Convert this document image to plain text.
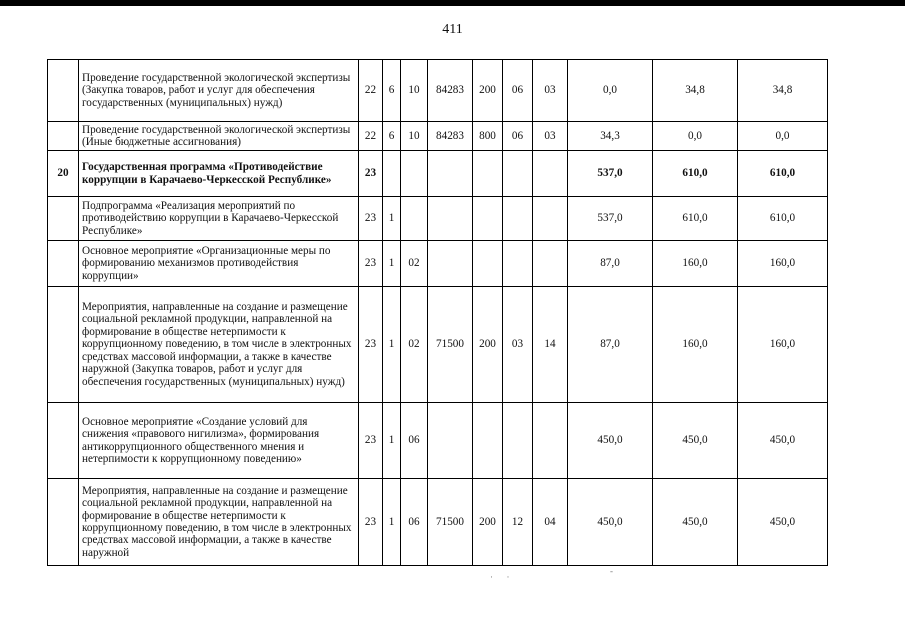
411
	Проведение государственной экологической экспертизы (Закупка товаров, работ и услуг для обеспечения государственных (муниципальных) нужд)	22	6	10	84283	200	06	03	0,0	34,8	34,8
	Проведение государственной экологической экспертизы (Иные бюджетные ассигнования)	22	6	10	84283	800	06	03	34,3	0,0	0,0
20	Государственная программа «Противодействие коррупции в Карачаево-Черкесской Республике»	23							537,0	610,0	610,0
	Подпрограмма «Реализация мероприятий по противодействию коррупции в Карачаево-Черкесской Республике»	23	1						537,0	610,0	610,0
	Основное мероприятие «Организационные меры по формированию механизмов противодействия коррупции»	23	1	02					87,0	160,0	160,0
	Мероприятия, направленные на создание и размещение социальной рекламной продукции, направленной на формирование в обществе нетерпимости к коррупционному поведению, в том числе в электронных средствах массовой информации, а также в качестве наружной (Закупка товаров, работ и услуг для обеспечения государственных (муниципальных) нужд)	23	1	02	71500	200	03	14	87,0	160,0	160,0
	Основное мероприятие «Создание условий для снижения «правового нигилизма», формирования антикоррупционного общественного мнения и нетерпимости к коррупционному поведению»	23	1	06					450,0	450,0	450,0
	Мероприятия, направленные на создание и размещение социальной рекламной продукции, направленной на формирование в обществе нетерпимости к коррупционному поведению, в том числе в электронных средствах массовой информации, а также в качестве наружной	23	1	06	71500	200	12	04	450,0	450,0	450,0
·      ·
-
